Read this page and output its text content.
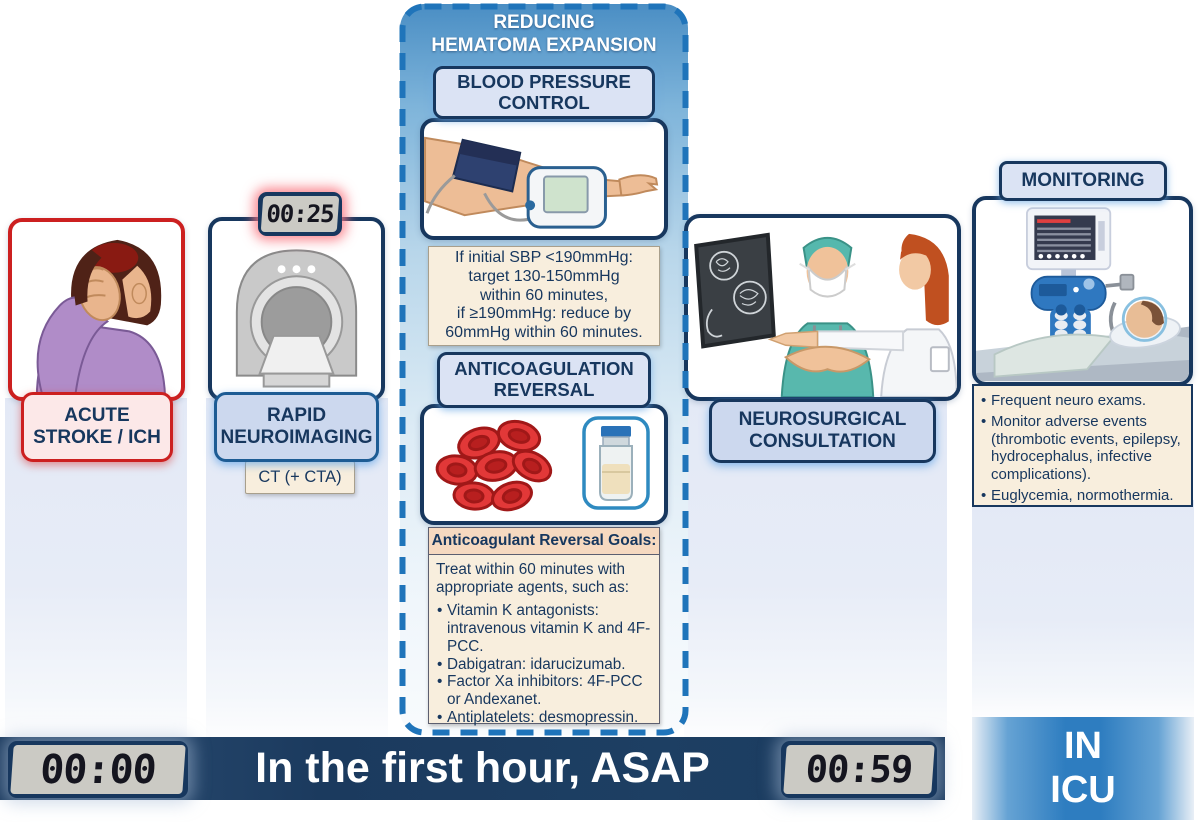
REDUCING
HEMATOMA EXPANSION
BLOOD PRESSURE
CONTROL
If initial SBP <190mmHg:
target 130-150mmHg
within 60 minutes,
if ≥190mmHg: reduce by
60mmHg within 60 minutes.
ANTICOAGULATION
REVERSAL
Anticoagulant Reversal Goals:

Treat within 60 minutes with
appropriate agents, such as:

• Vitamin K antagonists: intravenous vitamin K and 4F-PCC.
• Dabigatran: idarucizumab.
• Factor Xa inhibitors: 4F-PCC or Andexanet.
• Antiplatelets: desmopressin.
ACUTE
STROKE / ICH
00:25
RAPID
NEUROIMAGING
CT (+ CTA)
NEUROSURGICAL
CONSULTATION
MONITORING
• Frequent neuro exams.
• Monitor adverse events (thrombotic events, epilepsy, hydrocephalus, infective complications).
• Euglycemia, normothermia.
In the first hour, ASAP
00:00	00:59
IN
ICU
